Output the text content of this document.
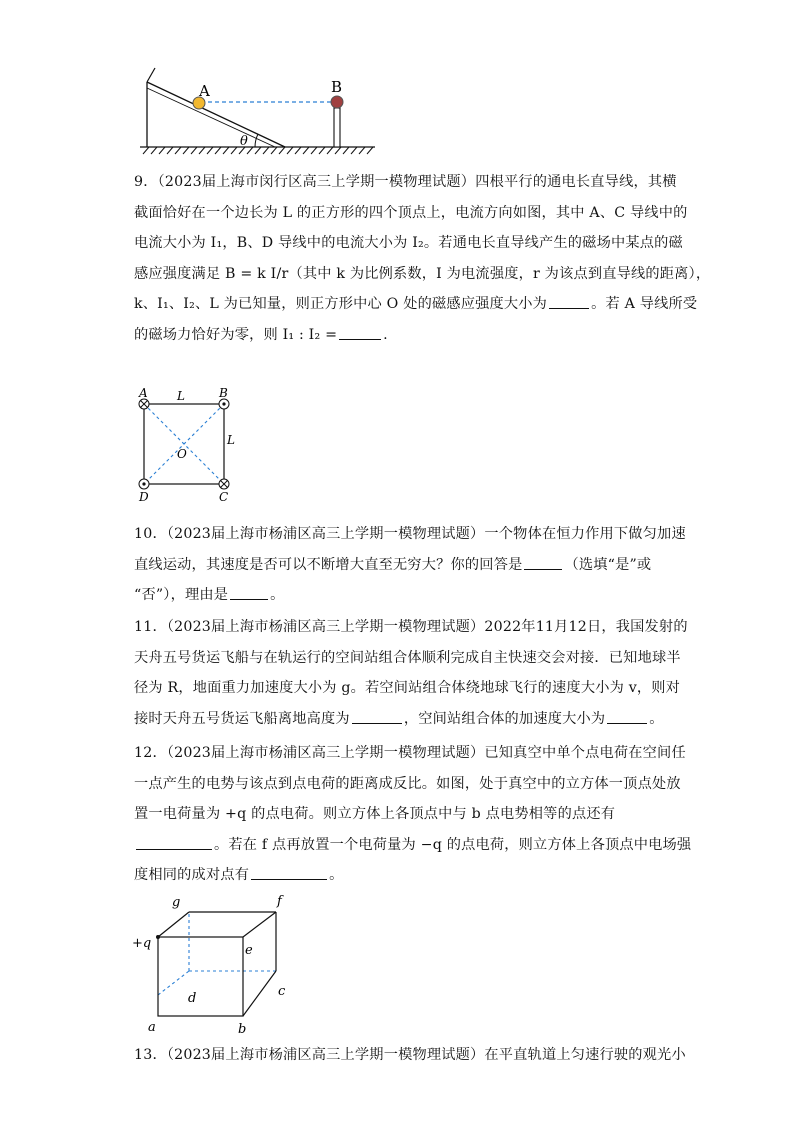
θ
A	B

9．（2023届上海市闵行区高三上学期一模物理试题）四根平行的通电长直导线，其横

截面恰好在一个边长为 L 的正方形的四个顶点上，电流方向如图，其中 A、C 导线中的

电流大小为 I₁，B、D 导线中的电流大小为 I₂。若通电长直导线产生的磁场中某点的磁

感应强度满足 B = k I/r（其中 k 为比例系数，I 为电流强度，r 为该点到直导线的距离），

k、I₁、I₂、L 为已知量，则正方形中心 O 处的磁感应强度大小为	。若 A 导线所受

的磁场力恰好为零，则 I₁ : I₂ =	.

A	B
D	C
O
L
L

10．（2023届上海市杨浦区高三上学期一模物理试题）一个物体在恒力作用下做匀加速

直线运动，其速度是否可以不断增大直至无穷大？你的回答是	（选填“是”或

“否”），理由是	。

11．（2023届上海市杨浦区高三上学期一模物理试题）2022年11月12日，我国发射的

天舟五号货运飞船与在轨运行的空间站组合体顺利完成自主快速交会对接．已知地球半

径为 R，地面重力加速度大小为 g。若空间站组合体绕地球飞行的速度大小为 v，则对

接时天舟五号货运飞船离地高度为	，空间站组合体的加速度大小为	。

12．（2023届上海市杨浦区高三上学期一模物理试题）已知真空中单个点电荷在空间任

一点产生的电势与该点到点电荷的距离成反比。如图，处于真空中的立方体一顶点处放

置一电荷量为 +q 的点电荷。则立方体上各顶点中与 b 点电势相等的点还有

。若在 f 点再放置一个电荷量为 −q 的点电荷，则立方体上各顶点中电场强

度相同的成对点有	。

g	f
+q	e
d	c
a	b

13．（2023届上海市杨浦区高三上学期一模物理试题）在平直轨道上匀速行驶的观光小
